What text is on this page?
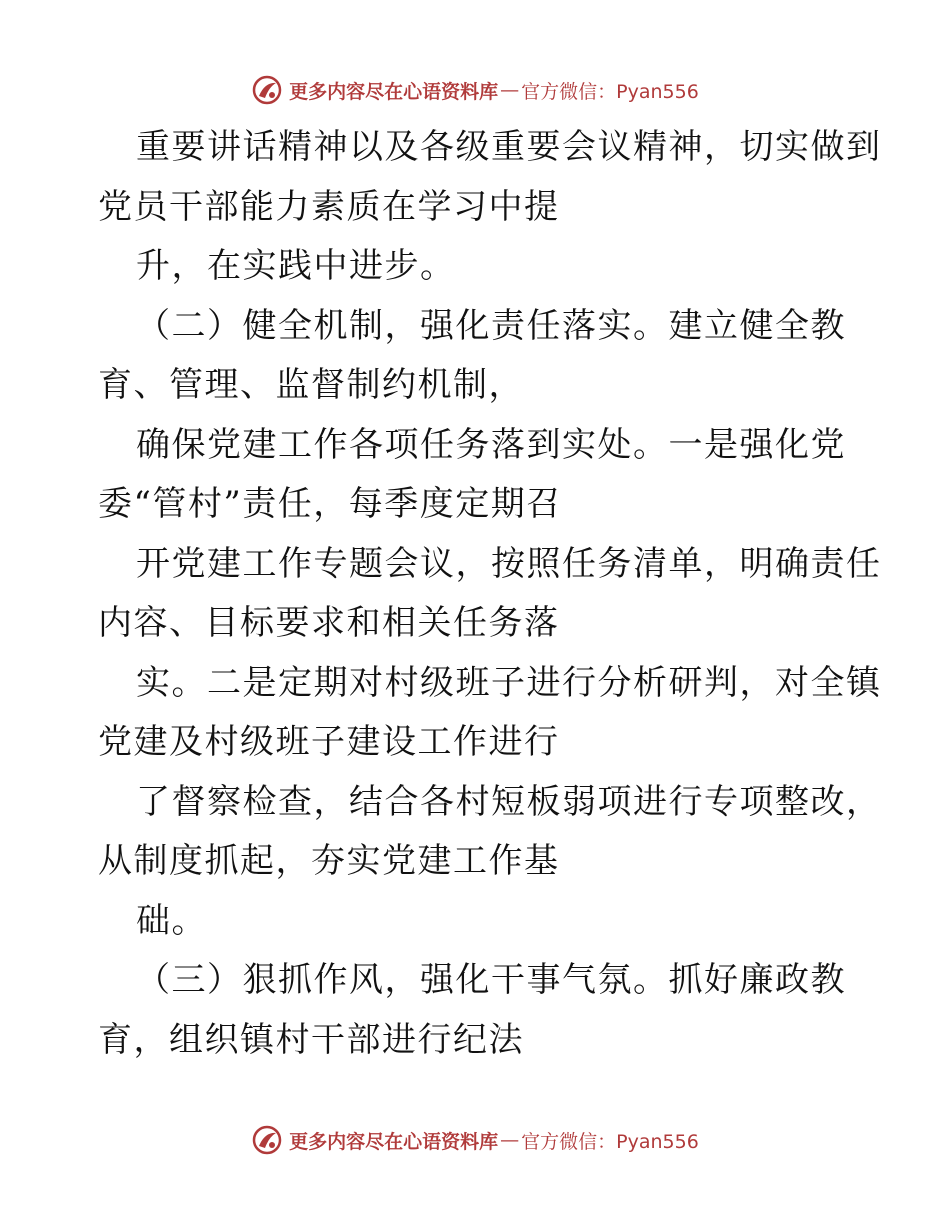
更多内容尽在心语资料库 — 官方微信：Pyan556
重要讲话精神以及各级重要会议精神，切实做到
党员干部能力素质在学习中提
升，在实践中进步。
（二）健全机制，强化责任落实。建立健全教
育、管理、监督制约机制，
确保党建工作各项任务落到实处。一是强化党
委“管村”责任，每季度定期召
开党建工作专题会议，按照任务清单，明确责任
内容、目标要求和相关任务落
实。二是定期对村级班子进行分析研判，对全镇
党建及村级班子建设工作进行
了督察检查，结合各村短板弱项进行专项整改，
从制度抓起，夯实党建工作基
础。
（三）狠抓作风，强化干事气氛。抓好廉政教
育，组织镇村干部进行纪法
更多内容尽在心语资料库 — 官方微信：Pyan556
